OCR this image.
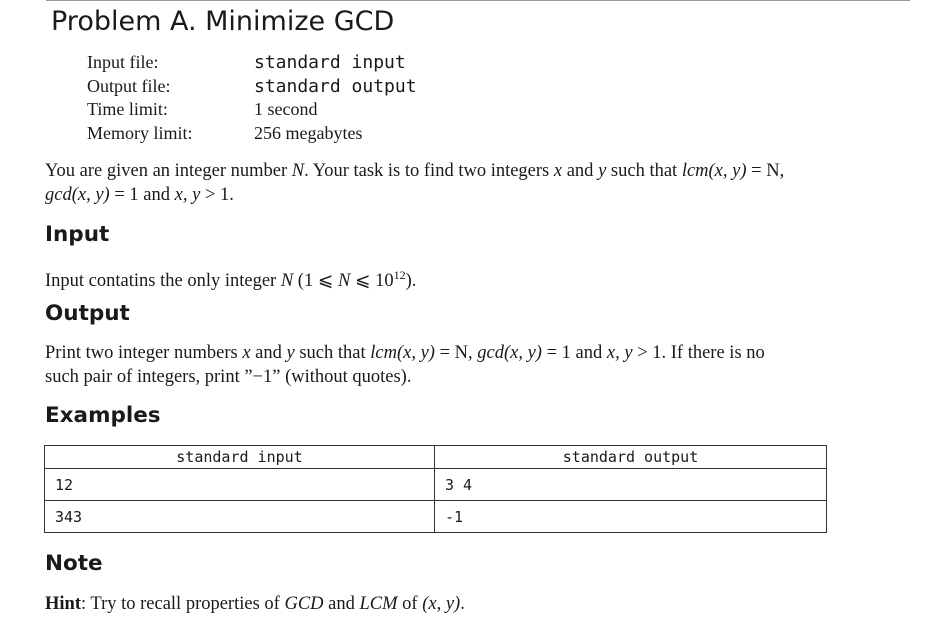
Problem A. Minimize GCD
Input file:	standard input
Output file:	standard output
Time limit:	1 second
Memory limit:	256 megabytes
You are given an integer number N. Your task is to find two integers x and y such that lcm(x, y) = N,
gcd(x, y) = 1 and x, y > 1.
Input
Input contatins the only integer N (1 ⩽ N ⩽ $10^{12}$).
Output
Print two integer numbers x and y such that lcm(x, y) = N, gcd(x, y) = 1 and x, y > 1. If there is no
such pair of integers, print ”−1” (without quotes).
Examples
standard input	standard output
12	3 4
343	-1
Note
Hint: Try to recall properties of GCD and LCM of (x, y).
